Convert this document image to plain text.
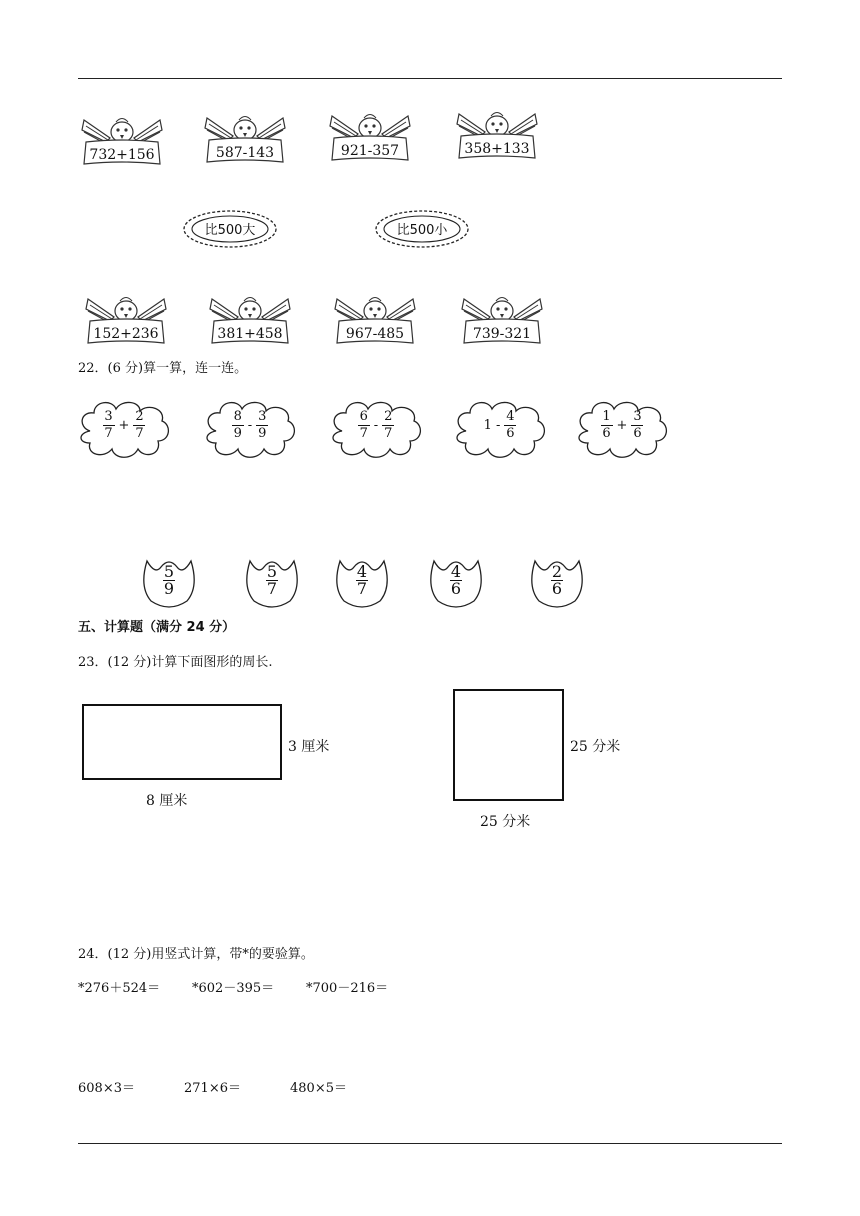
732+156	587-143	921-357	358+133
比500大	比500小
152+236	381+458	967-485	739-321
22．(6 分)算一算，连一连。
$\frac{3}{7} + \frac{2}{7}$	$\frac{8}{9} - \frac{3}{9}$	$\frac{6}{7} - \frac{2}{7}$	$1 - \frac{4}{6}$	$\frac{1}{6} + \frac{3}{6}$
5
9
5
7
4
7
4
6
2
6
五、计算题（满分 24 分）
23．(12 分)计算下面图形的周长.
3 厘米
8 厘米
25 分米
25 分米
24．(12 分)用竖式计算，带*的要验算。
*276＋524＝ *602－395＝ *700－216＝
608×3＝	271×6＝	480×5＝
